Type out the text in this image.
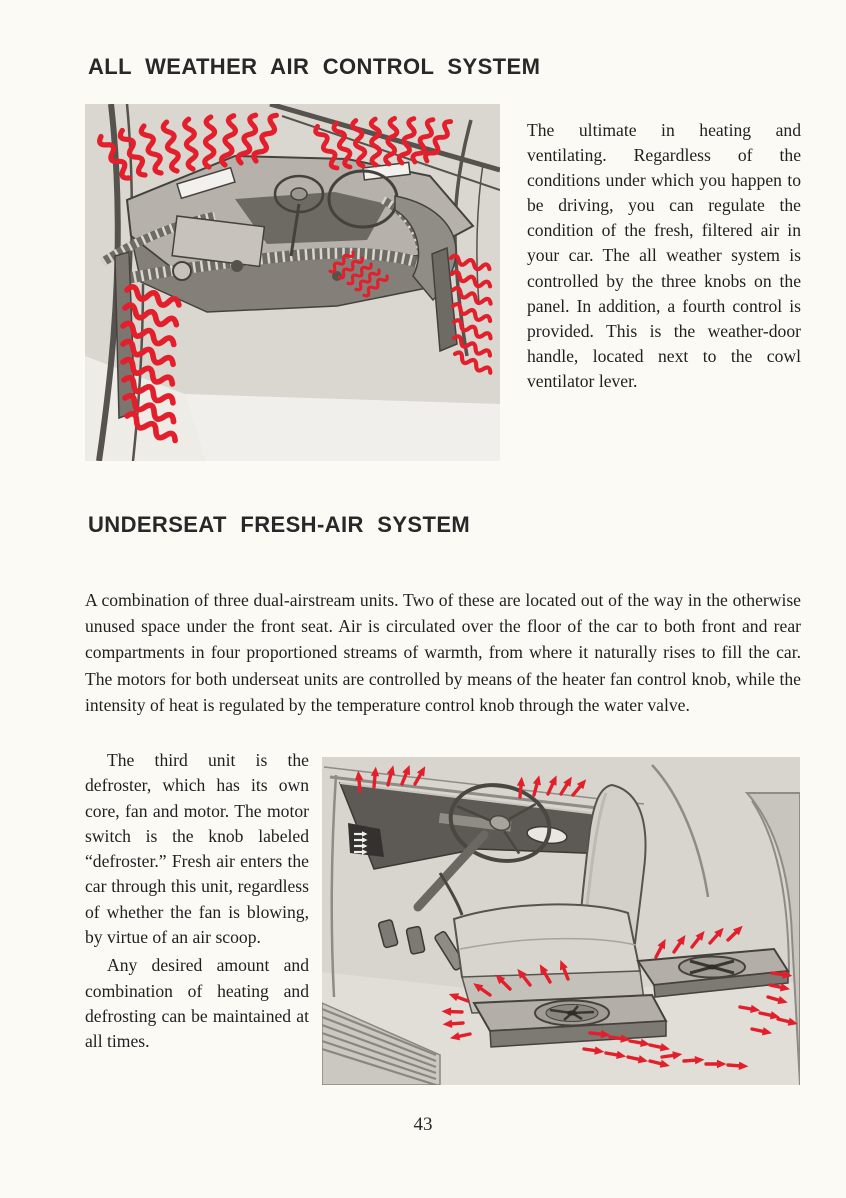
ALL WEATHER AIR CONTROL SYSTEM

The ultimate in heating and ventilating. Regardless of the conditions under which you happen to be driving, you can regulate the condition of the fresh, filtered air in your car. The all weather system is controlled by the three knobs on the panel. In addition, a fourth control is provided. This is the weather-door handle, located next to the cowl ventilator lever.

UNDERSEAT FRESH-AIR SYSTEM

A combination of three dual-airstream units. Two of these are located out of the way in the otherwise unused space under the front seat. Air is circulated over the floor of the car to both front and rear compartments in four proportioned streams of warmth, from where it naturally rises to fill the car. The motors for both underseat units are controlled by means of the heater fan control knob, while the intensity of heat is regulated by the temperature control knob through the water valve.

The third unit is the defroster, which has its own core, fan and motor. The motor switch is the knob labeled “defroster.” Fresh air enters the car through this unit, regardless of whether the fan is blowing, by virtue of an air scoop.

Any desired amount and combination of heating and defrosting can be maintained at all times.

43
